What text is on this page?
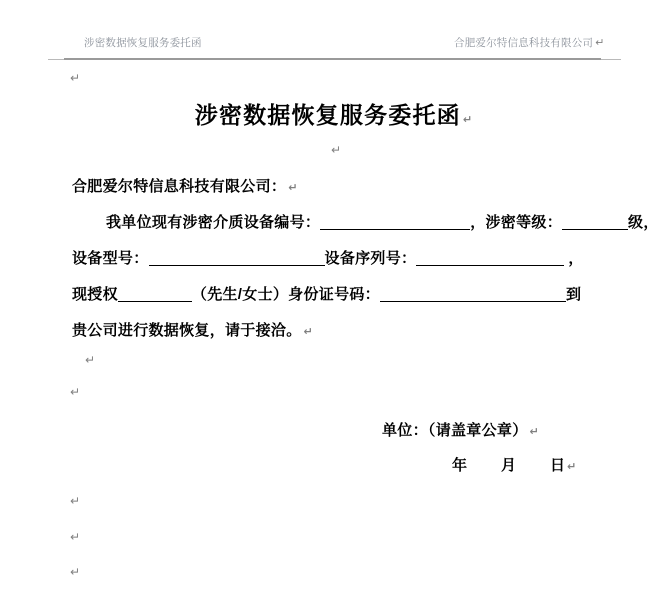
涉密数据恢复服务委托函	合肥爱尔特信息科技有限公司 ↵
↵
↵
↵
↵
↵
↵
↵
涉密数据恢复服务委托函 ↵
合肥爱尔特信息科技有限公司： ↵
我单位现有涉密介质设备编号：	，涉密等级：	级，
设备型号：	设备序列号：	，
现授权	（先生/女士）身份证号码：	到
贵公司进行数据恢复，请于接洽。 ↵
单位：（请盖章公章） ↵
年 月 日 ↵
